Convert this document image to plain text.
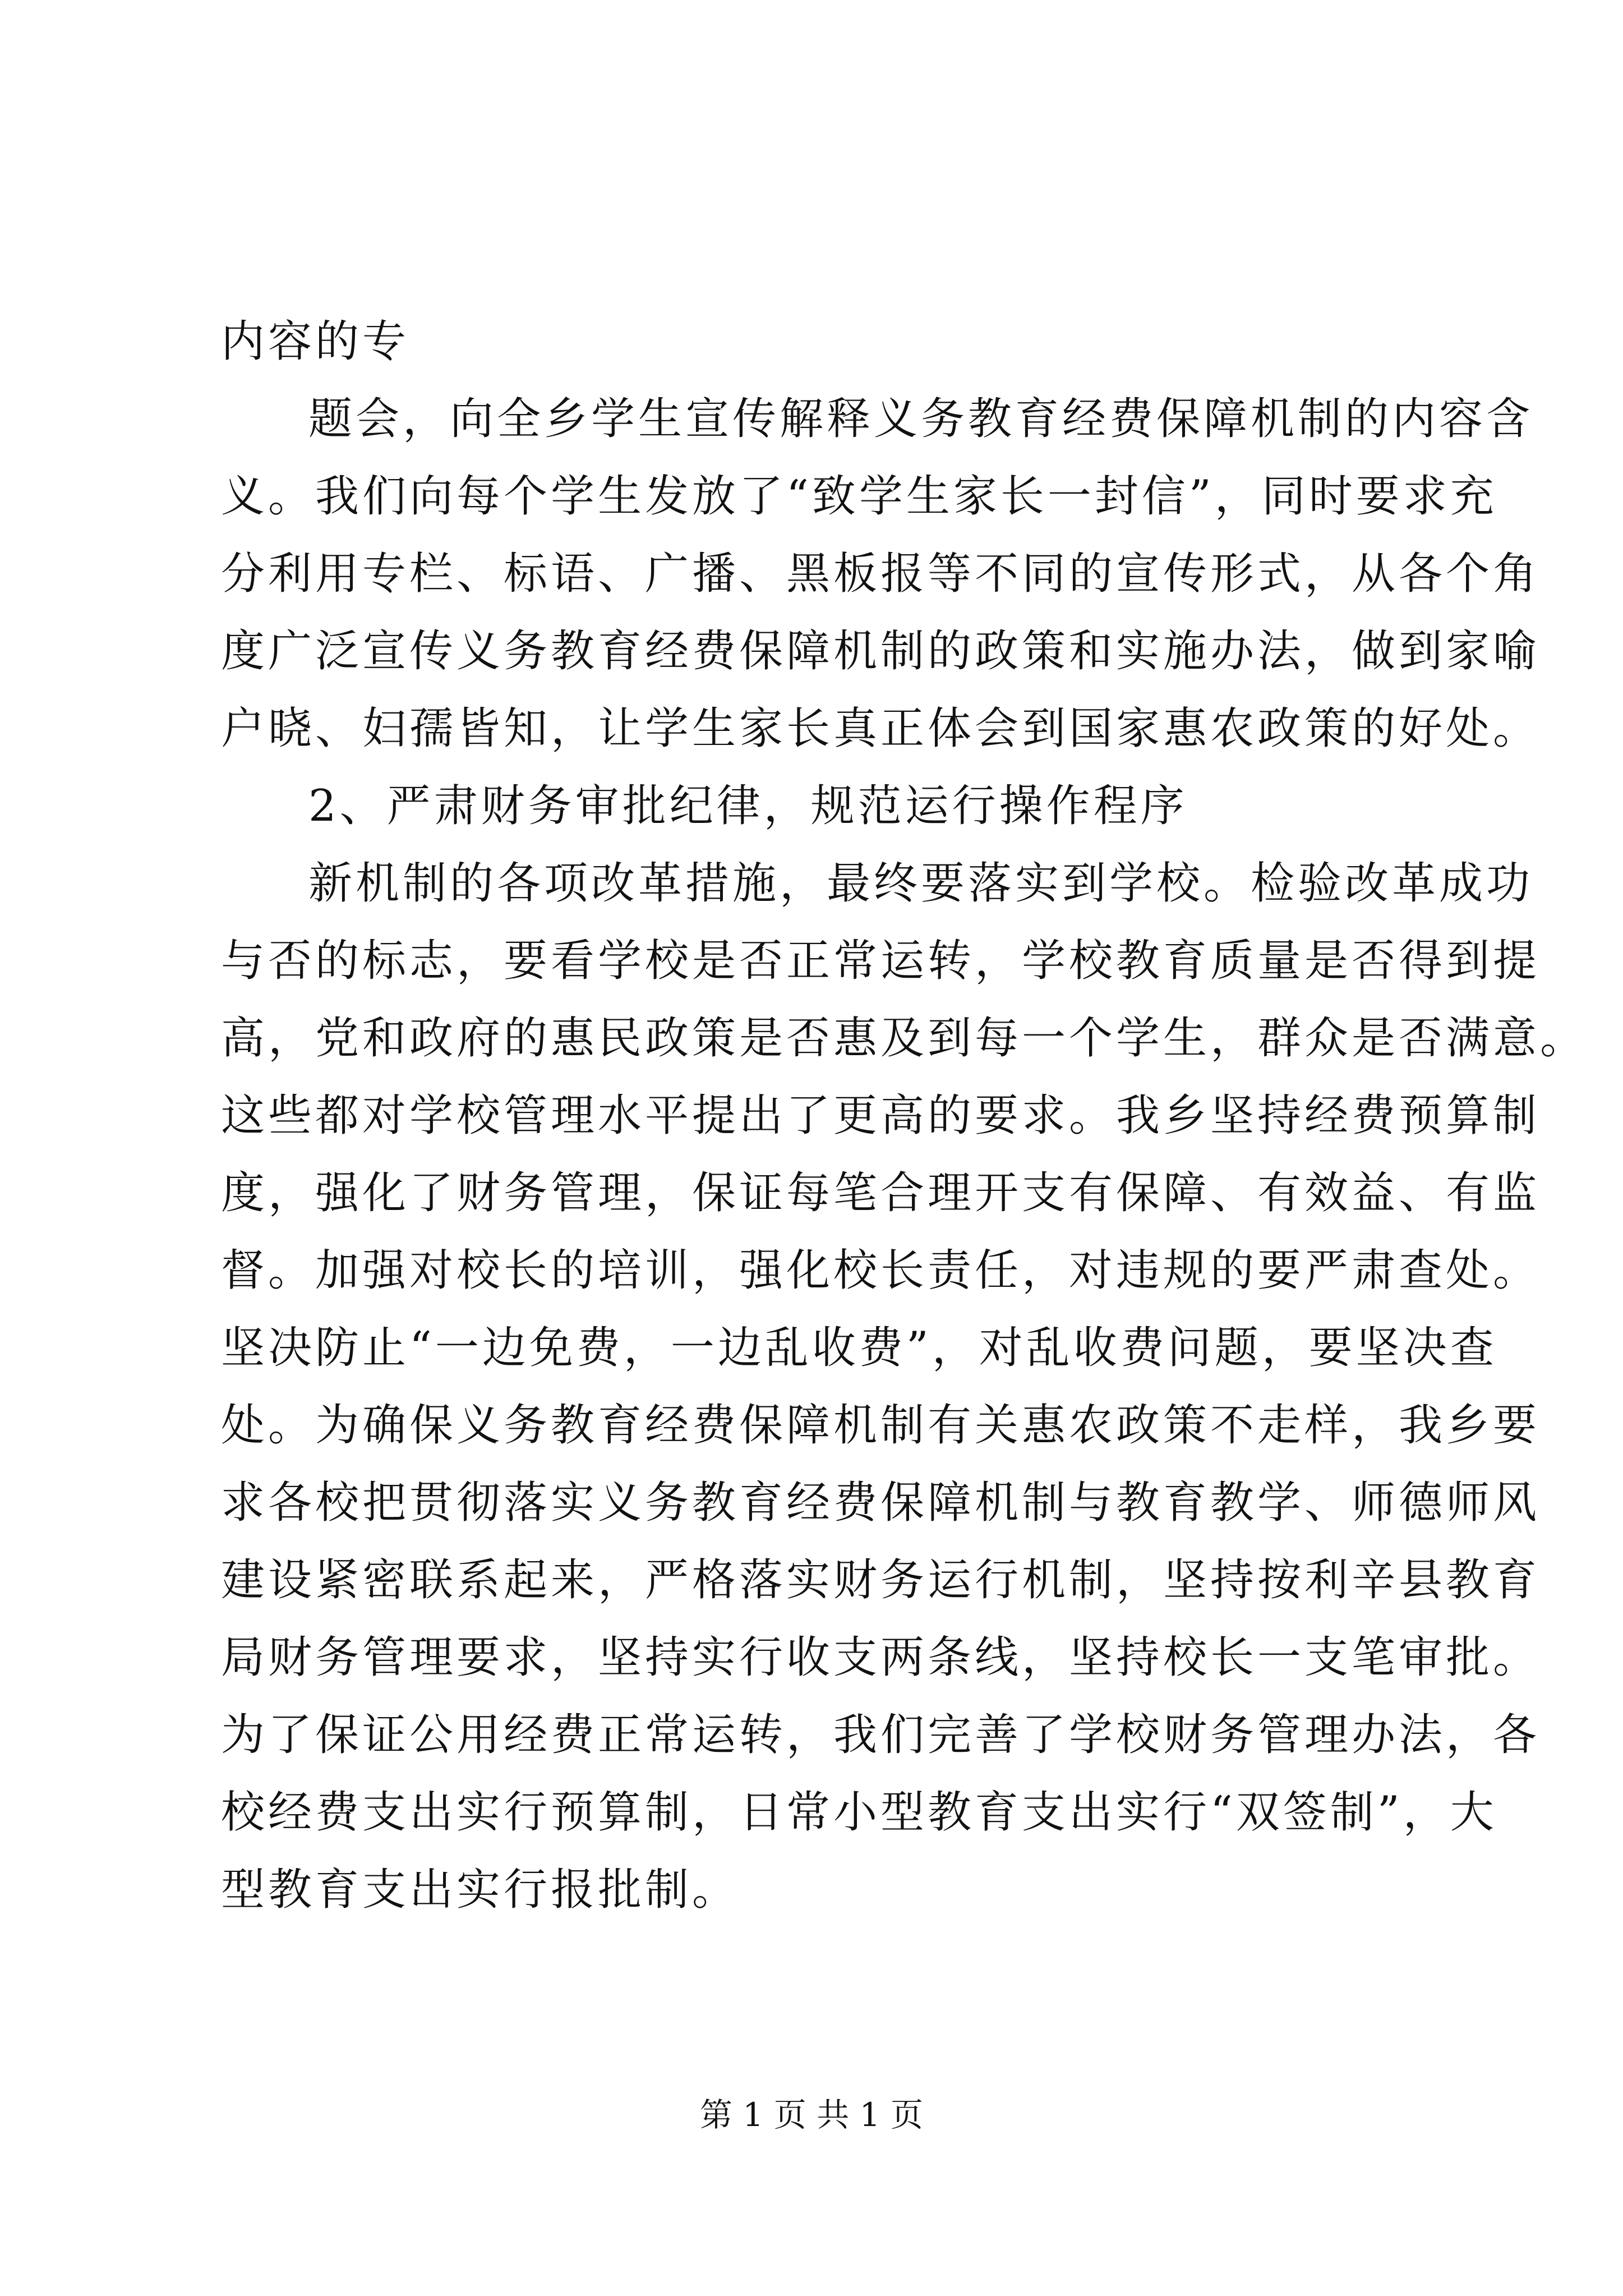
内容的专
题会，向全乡学生宣传解释义务教育经费保障机制的内容含
义。我们向每个学生发放了“致学生家长一封信”，同时要求充
分利用专栏、标语、广播、黑板报等不同的宣传形式，从各个角
度广泛宣传义务教育经费保障机制的政策和实施办法，做到家喻
户晓、妇孺皆知，让学生家长真正体会到国家惠农政策的好处。
2、严肃财务审批纪律，规范运行操作程序
新机制的各项改革措施，最终要落实到学校。检验改革成功
与否的标志，要看学校是否正常运转，学校教育质量是否得到提
高，党和政府的惠民政策是否惠及到每一个学生，群众是否满意。
这些都对学校管理水平提出了更高的要求。我乡坚持经费预算制
度，强化了财务管理，保证每笔合理开支有保障、有效益、有监
督。加强对校长的培训，强化校长责任，对违规的要严肃查处。
坚决防止“一边免费，一边乱收费”，对乱收费问题，要坚决查
处。为确保义务教育经费保障机制有关惠农政策不走样，我乡要
求各校把贯彻落实义务教育经费保障机制与教育教学、师德师风
建设紧密联系起来，严格落实财务运行机制，坚持按利辛县教育
局财务管理要求，坚持实行收支两条线，坚持校长一支笔审批。
为了保证公用经费正常运转，我们完善了学校财务管理办法，各
校经费支出实行预算制，日常小型教育支出实行“双签制”，大
型教育支出实行报批制。
第 1 页 共 1 页
